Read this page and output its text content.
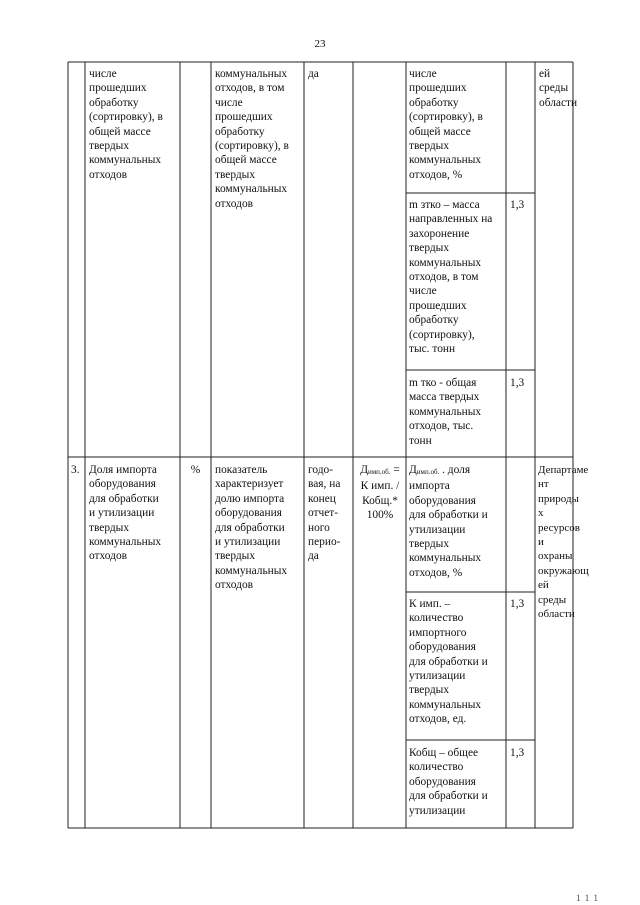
23
числе
прошедших
обработку
(сортировку), в
общей массе
твердых
коммунальных
отходов
коммунальных
отходов, в том
числе
прошедших
обработку
(сортировку), в
общей массе
твердых
коммунальных
отходов
да	числе
прошедших
обработку
(сортировку), в
общей массе
твердых
коммунальных
отходов, %
m зтко – масса
направленных на
захоронение
твердых
коммунальных
отходов, в том
числе
прошедших
обработку
(сортировку),
тыс. тонн
1,3
m тко - общая
масса твердых
коммунальных
отходов, тыс.
тонн
1,3
ей среды
области
3. Доля импорта
оборудования
для обработки
и утилизации
твердых
коммунальных
отходов
%	показатель
характеризует
долю импорта
оборудования
для обработки
и утилизации
твердых
коммунальных
отходов
годо-
вая, на
конец
отчет-
ного
перио-
да
$Д_{имп.об.}$ =
К имп. /
Кобщ.*
100%
$Д_{имп.об.}$ . доля
импорта
оборудования
для обработки и
утилизации
твердых
коммунальных
отходов, %
К имп. –
количество
импортного
оборудования
для обработки и
утилизации
твердых
коммунальных
отходов, ед.
1,3
Кобщ – общее
количество
оборудования
для обработки и
утилизации
1,3
Департаме
нт
природы
х ресурсов
и охраны
окружающ
ей среды
области
1 1 1
